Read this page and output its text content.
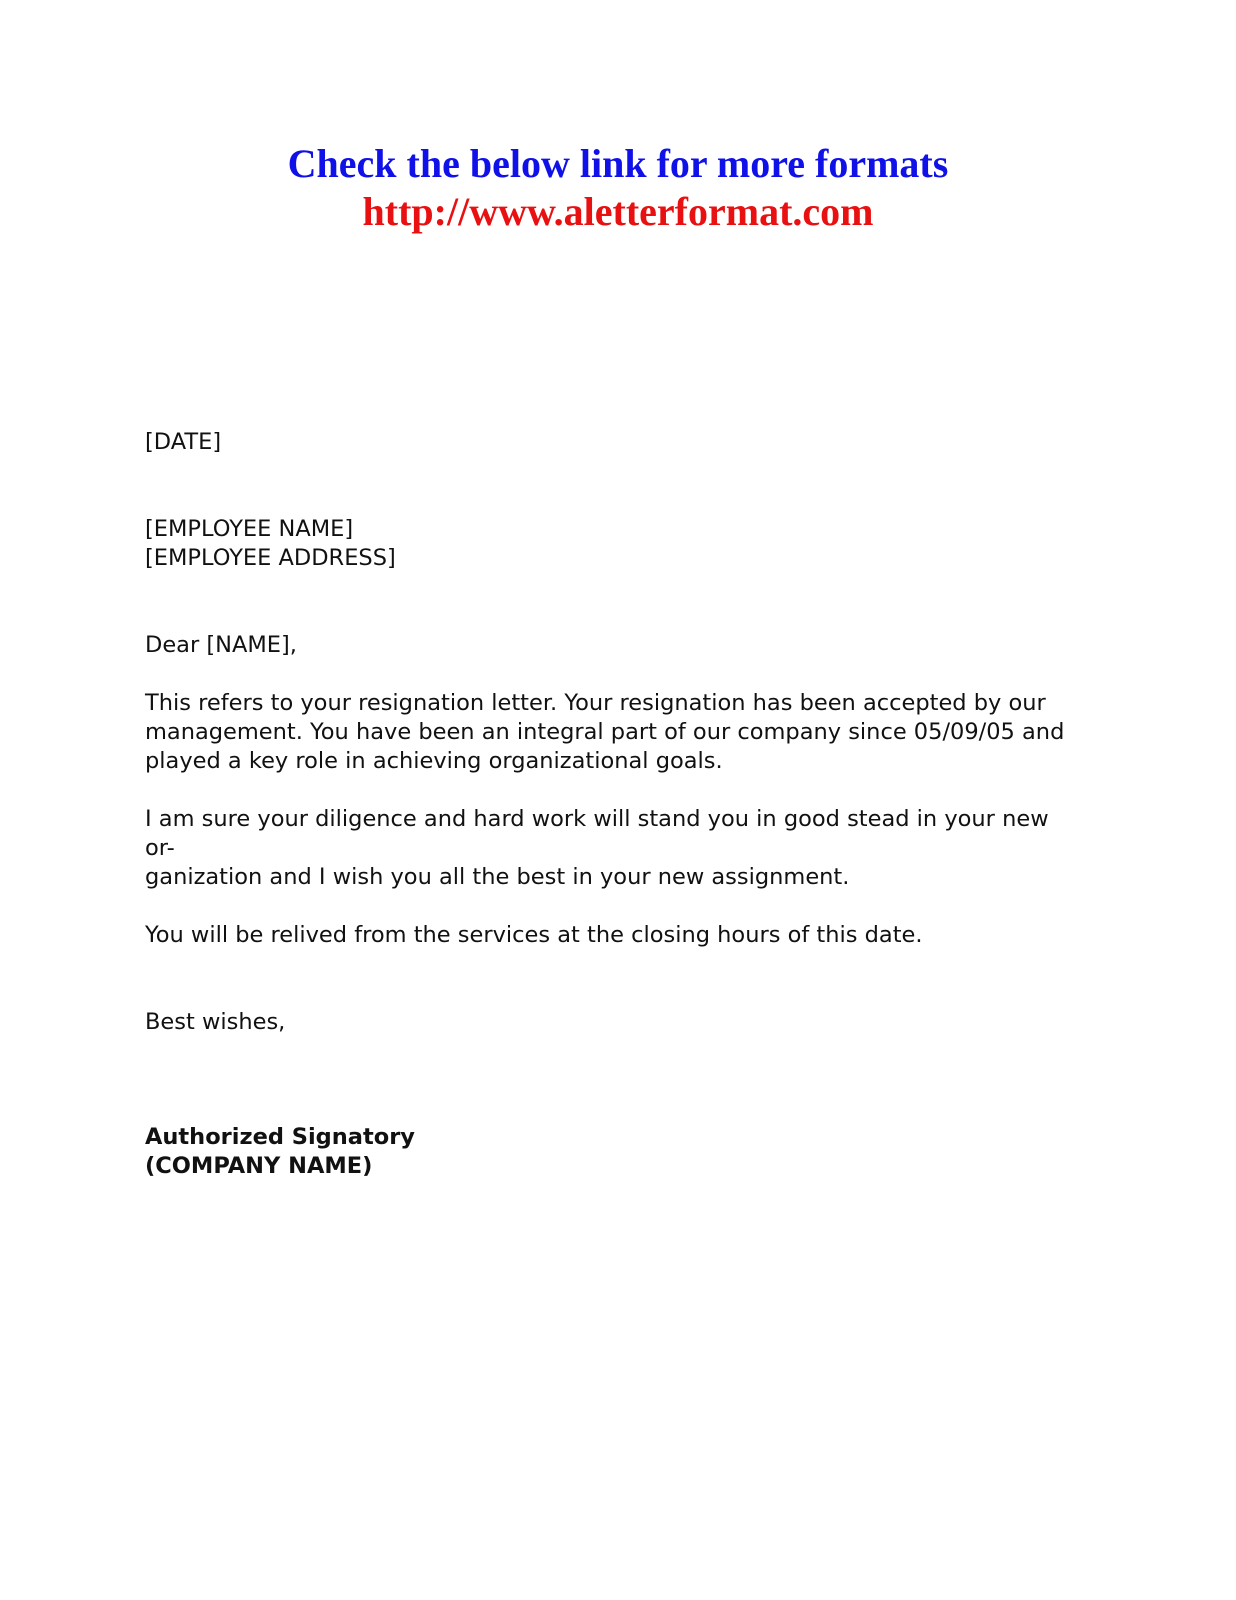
Check the below link for more formats
http://www.aletterformat.com

[DATE]

[EMPLOYEE NAME]

[EMPLOYEE ADDRESS]

Dear [NAME],

This refers to your resignation letter. Your resignation has been accepted by our

management. You have been an integral part of our company since 05/09/05 and

played a key role in achieving organizational goals.

I am sure your diligence and hard work will stand you in good stead in your new or-

ganization and I wish you all the best in your new assignment.

You will be relived from the services at the closing hours of this date.

Best wishes,

Authorized Signatory

(COMPANY NAME)
